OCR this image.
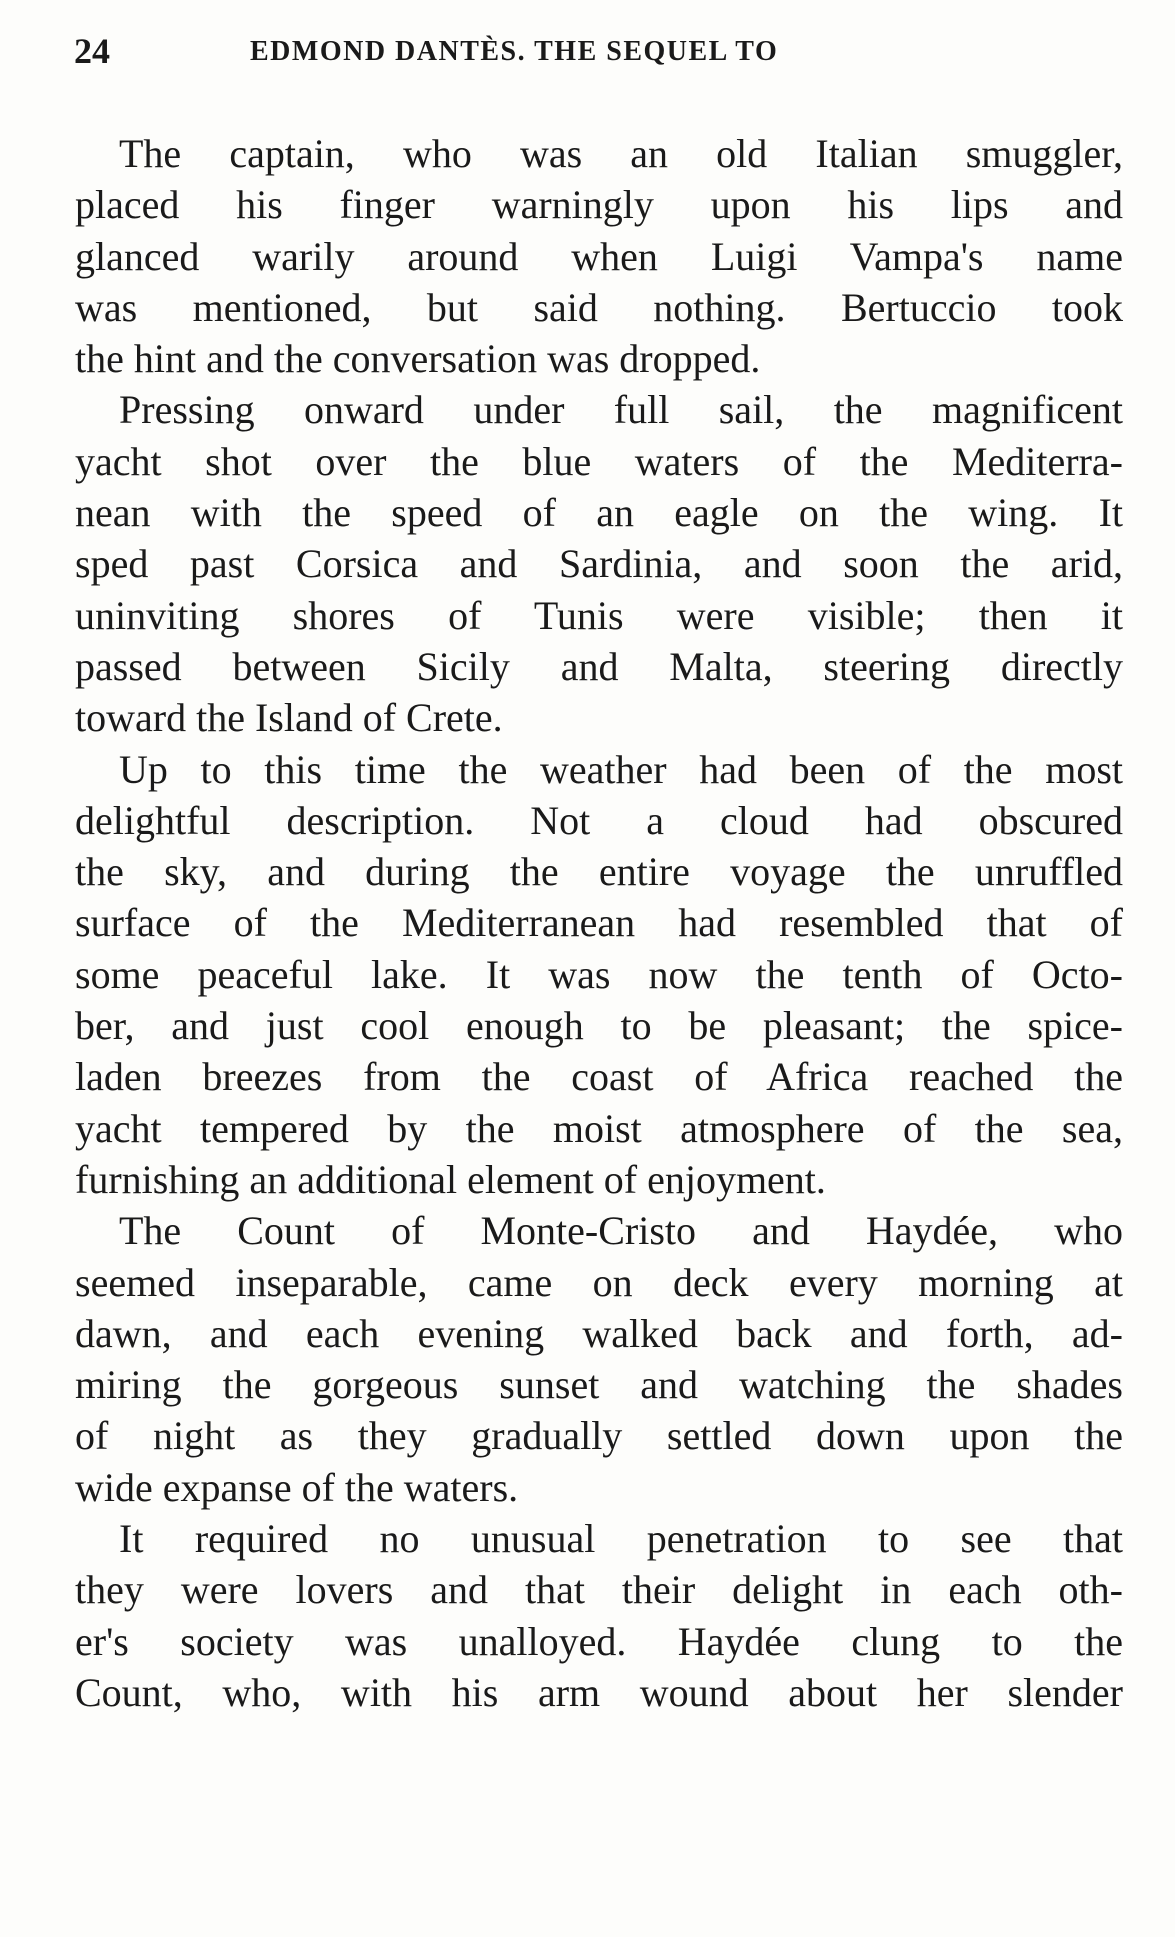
24	EDMOND DANTÈS. THE SEQUEL TO
The captain, who was an old Italian smuggler,
placed his finger warningly upon his lips and
glanced warily around when Luigi Vampa's name
was mentioned, but said nothing. Bertuccio took
the hint and the conversation was dropped.
Pressing onward under full sail, the magnificent
yacht shot over the blue waters of the Mediterra-
nean with the speed of an eagle on the wing. It
sped past Corsica and Sardinia, and soon the arid,
uninviting shores of Tunis were visible; then it
passed between Sicily and Malta, steering directly
toward the Island of Crete.
Up to this time the weather had been of the most
delightful description. Not a cloud had obscured
the sky, and during the entire voyage the unruffled
surface of the Mediterranean had resembled that of
some peaceful lake. It was now the tenth of Octo-
ber, and just cool enough to be pleasant; the spice-
laden breezes from the coast of Africa reached the
yacht tempered by the moist atmosphere of the sea,
furnishing an additional element of enjoyment.
The Count of Monte-Cristo and Haydée, who
seemed inseparable, came on deck every morning at
dawn, and each evening walked back and forth, ad-
miring the gorgeous sunset and watching the shades
of night as they gradually settled down upon the
wide expanse of the waters.
It required no unusual penetration to see that
they were lovers and that their delight in each oth-
er's society was unalloyed. Haydée clung to the
Count, who, with his arm wound about her slender
